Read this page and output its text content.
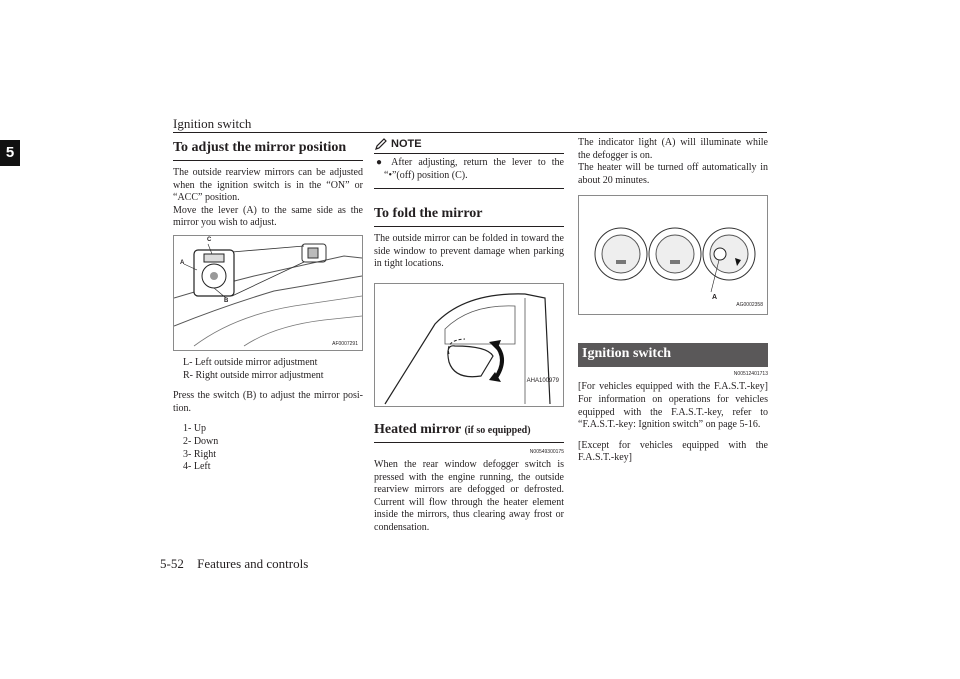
Ignition switch
5	To adjust the mirror position

The outside rearview mirrors can be adjusted when the ignition switch is in the “ON” or “ACC” position.

Move the lever (A) to the same side as the mirror you wish to adjust.

C
A
B
AF0007291
L- Left outside mirror adjustment
R- Right outside mirror adjustment

Press the switch (B) to adjust the mirror posi-tion.

1- Up
2- Down
3- Right
4- Left
NOTE

● After adjusting, return the lever to the “•”(off) position (C).

To fold the mirror

The outside mirror can be folded in toward the side window to prevent damage when parking in tight locations.

AHA100979
Heated mirror (if so equipped)
N00549300175

When the rear window defogger switch is pressed with the engine running, the outside rearview mirrors are defogged or defrosted. Current will flow through the heater element inside the mirrors, thus clearing away frost or condensation.

The indicator light (A) will illuminate while the defogger is on.

The heater will be turned off automatically in about 20 minutes.

A
AG0002358
Ignition switch
N00512401713

[For vehicles equipped with the F.A.S.T.-key] For information on operations for vehicles equipped with the F.A.S.T.-key, refer to “F.A.S.T.-key: Ignition switch” on page 5-16.

[Except for vehicles equipped with the F.A.S.T.-key]

5-52 Features and controls
